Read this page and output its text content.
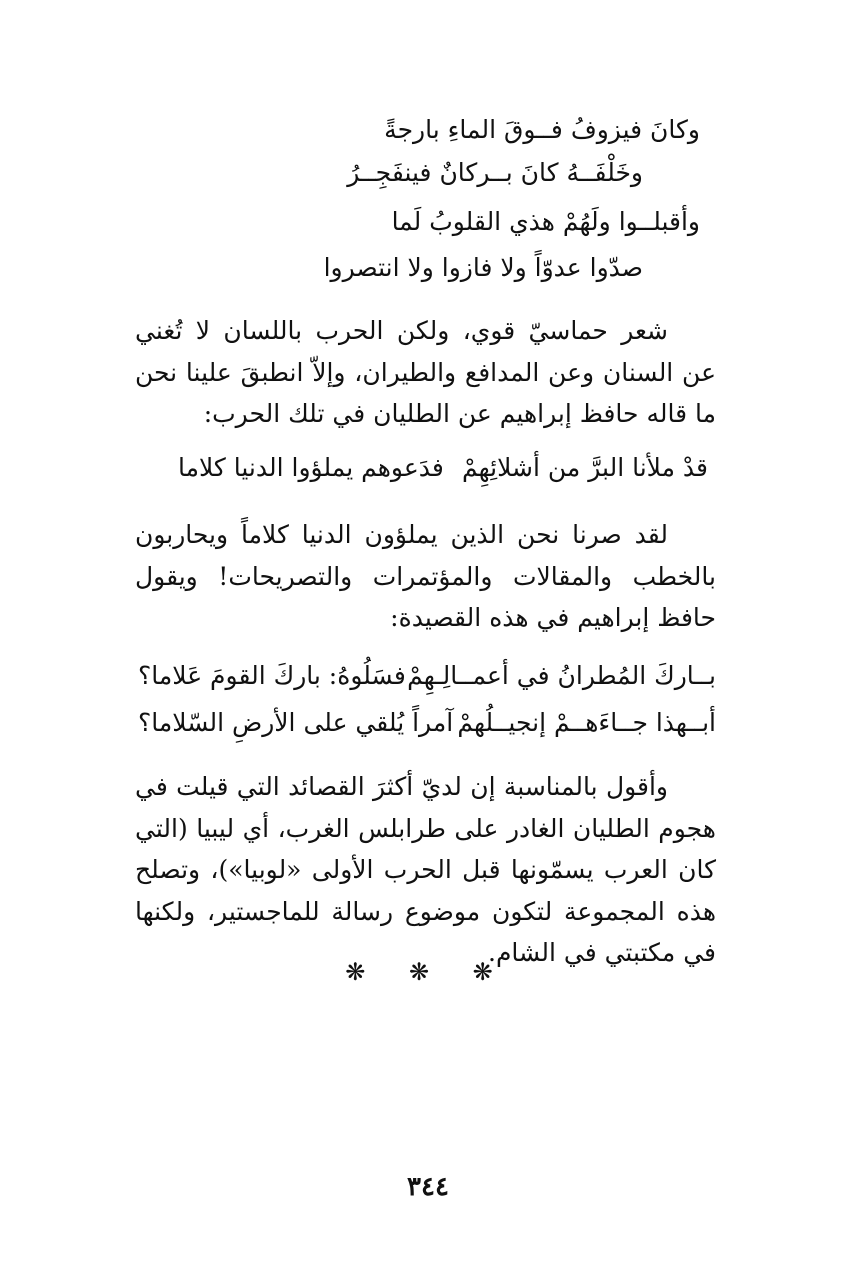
وكانَ فيزوفُ فــوقَ الماءِ بارجةً
وخَلْفَــهُ كانَ بــركانٌ فينفَجِــرُ
وأقبلــوا ولَهُمْ هذي القلوبُ لَما
صدّوا عدوّاً ولا فازوا ولا انتصروا
شعر حماسيّ قوي، ولكن الحرب باللسان لا تُغني عن السنان وعن المدافع والطيران، وإلاّ انطبقَ علينا نحن ما قاله حافظ إبراهيم عن الطليان في تلك الحرب:
قدْ ملأنا البرَّ من أشلائِهِمْ
فدَعوهم يملؤوا الدنيا كلاما
لقد صرنا نحن الذين يملؤون الدنيا كلاماً ويحاربون بالخطب والمقالات والمؤتمرات والتصريحات! ويقول حافظ إبراهيم في هذه القصيدة:
بــاركَ المُطرانُ في أعمــالِـهِمْ
فسَلُوهُ: باركَ القومَ عَلاما؟
أبــهذا جــاءَهــمْ إنجيــلُهمْ
آمراً يُلقي على الأرضِ السّلاما؟
وأقول بالمناسبة إن لديّ أكثرَ القصائد التي قيلت في هجوم الطليان الغادر على طرابلس الغرب، أي ليبيا (التي كان العرب يسمّونها قبل الحرب الأولى «لوبيا»)، وتصلح هذه المجموعة لتكون موضوع رسالة للماجستير، ولكنها في مكتبتي في الشام.
❋ ❋ ❋
٣٤٤
